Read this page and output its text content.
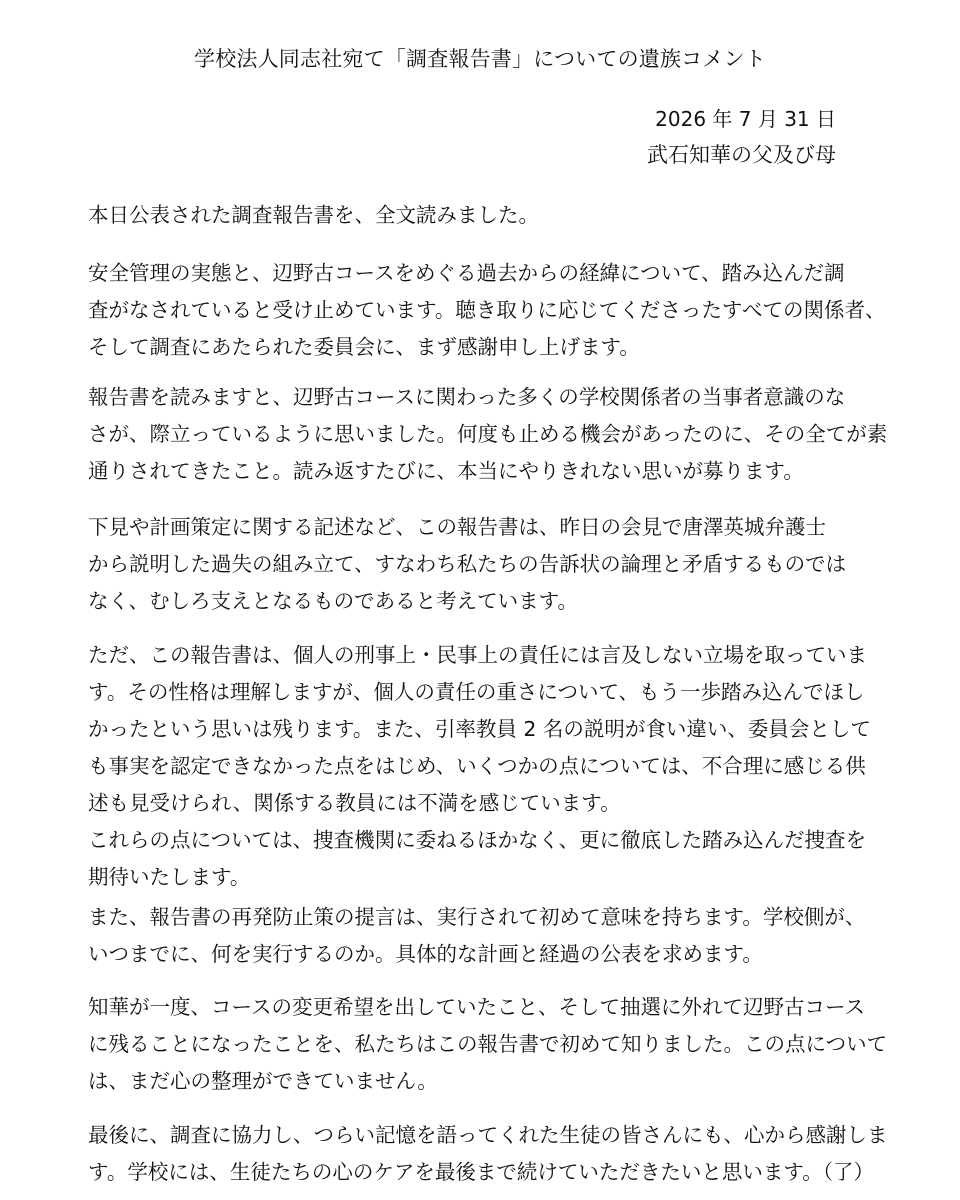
学校法人同志社宛て「調査報告書」についての遺族コメント
2026 年 7 月 31 日
武石知華の父及び母
本日公表された調査報告書を、全文読みました。
安全管理の実態と、辺野古コースをめぐる過去からの経緯について、踏み込んだ調
査がなされていると受け止めています。聴き取りに応じてくださったすべての関係者、
そして調査にあたられた委員会に、まず感謝申し上げます。
報告書を読みますと、辺野古コースに関わった多くの学校関係者の当事者意識のな
さが、際立っているように思いました。何度も止める機会があったのに、その全てが素
通りされてきたこと。読み返すたびに、本当にやりきれない思いが募ります。
下見や計画策定に関する記述など、この報告書は、昨日の会見で唐澤英城弁護士
から説明した過失の組み立て、すなわち私たちの告訴状の論理と矛盾するものでは
なく、むしろ支えとなるものであると考えています。
ただ、この報告書は、個人の刑事上・民事上の責任には言及しない立場を取っていま
す。その性格は理解しますが、個人の責任の重さについて、もう一歩踏み込んでほし
かったという思いは残ります。また、引率教員 2 名の説明が食い違い、委員会として
も事実を認定できなかった点をはじめ、いくつかの点については、不合理に感じる供
述も見受けられ、関係する教員には不満を感じています。
これらの点については、捜査機関に委ねるほかなく、更に徹底した踏み込んだ捜査を
期待いたします。
また、報告書の再発防止策の提言は、実行されて初めて意味を持ちます。学校側が、
いつまでに、何を実行するのか。具体的な計画と経過の公表を求めます。
知華が一度、コースの変更希望を出していたこと、そして抽選に外れて辺野古コース
に残ることになったことを、私たちはこの報告書で初めて知りました。この点について
は、まだ心の整理ができていません。
最後に、調査に協力し、つらい記憶を語ってくれた生徒の皆さんにも、心から感謝しま
す。学校には、生徒たちの心のケアを最後まで続けていただきたいと思います。（了）
